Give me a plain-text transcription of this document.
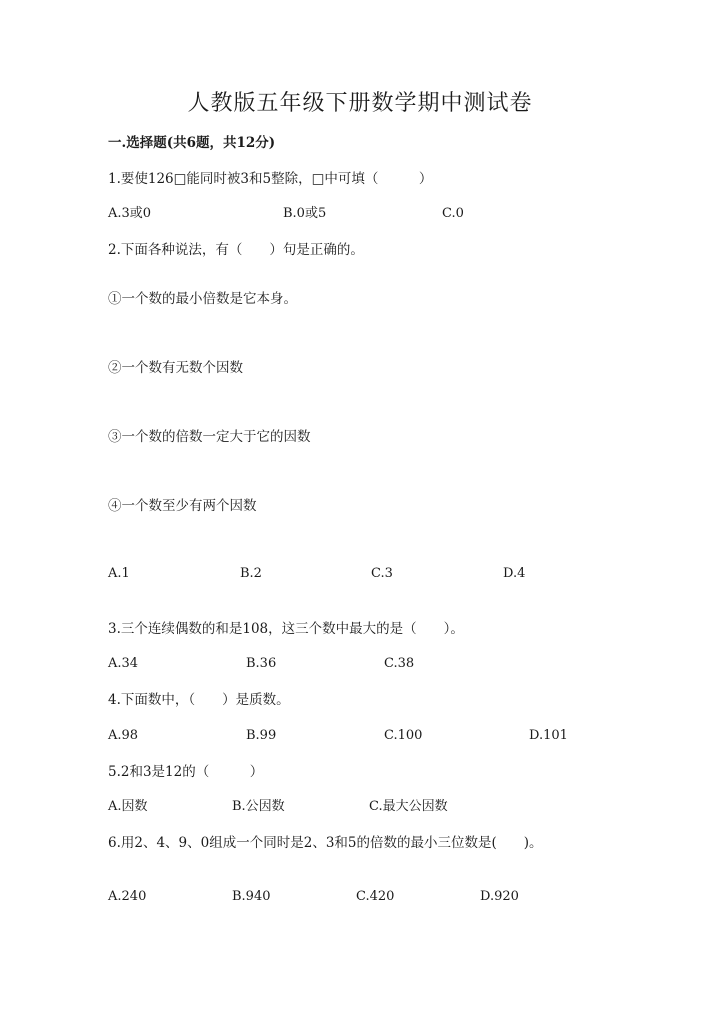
人教版五年级下册数学期中测试卷
一.选择题(共6题，共12分)
1.要使126□能同时被3和5整除，□中可填（　　　）
A.3或0	B.0或5	C.0
2.下面各种说法，有（　　）句是正确的。
①一个数的最小倍数是它本身。
②一个数有无数个因数
③一个数的倍数一定大于它的因数
④一个数至少有两个因数
A.1	B.2	C.3	D.4
3.三个连续偶数的和是108，这三个数中最大的是（　　）。
A.34	B.36	C.38
4.下面数中，（　　）是质数。
A.98	B.99	C.100	D.101
5.2和3是12的（　　　）
A.因数	B.公因数	C.最大公因数
6.用2、4、9、0组成一个同时是2、3和5的倍数的最小三位数是(　　)。
A.240	B.940	C.420	D.920
